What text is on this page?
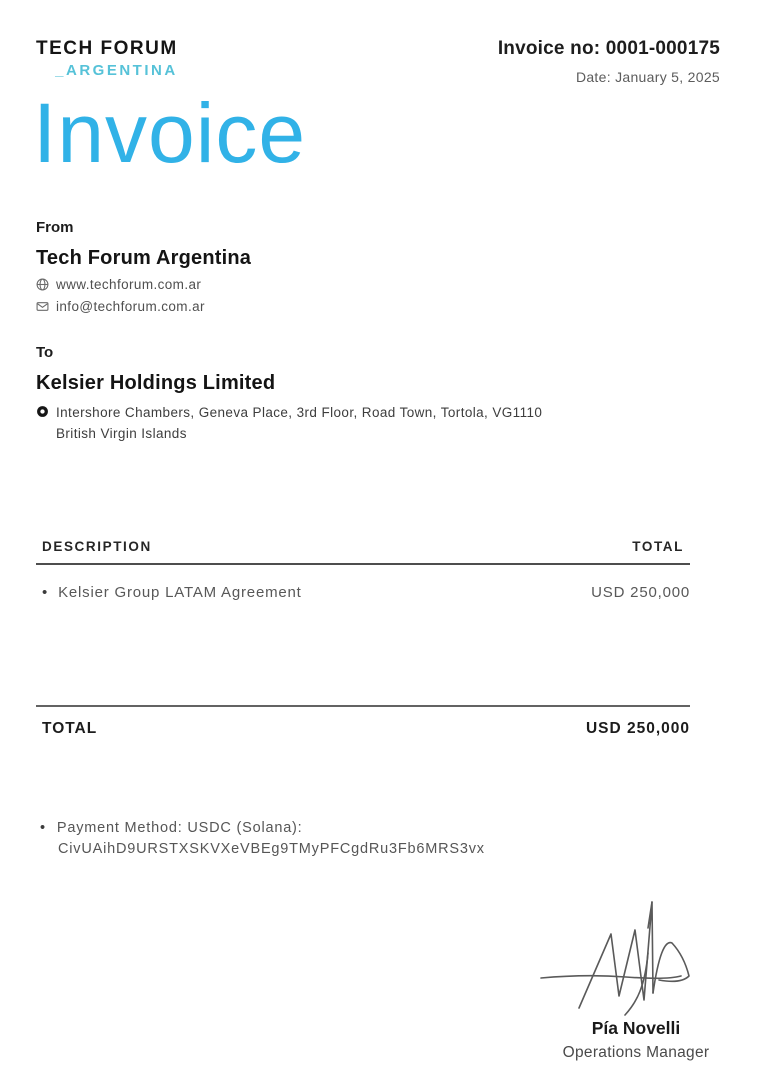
TECH FORUM
_ARGENTINA
Invoice no: 0001-000175
Date: January 5, 2025
Invoice
From
Tech Forum Argentina
www.techforum.com.ar
info@techforum.com.ar
To
Kelsier Holdings Limited
Intershore Chambers, Geneva Place, 3rd Floor, Road Town, Tortola, VG1110
British Virgin Islands
DESCRIPTION	TOTAL
• Kelsier Group LATAM Agreement	USD 250,000
TOTAL	USD 250,000
• Payment Method: USDC (Solana):
CivUAihD9URSTXSKVXeVBEg9TMyPFCgdRu3Fb6MRS3vx
Pía Novelli
Operations Manager
